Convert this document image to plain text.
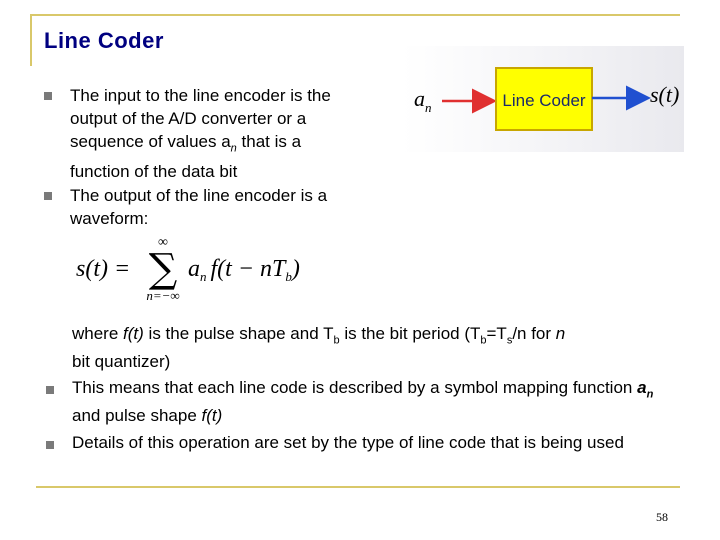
Line Coder
The input to the line encoder is the output of the A/D converter or a sequence of values $a_n$ that is a function of the data bit
The output of the line encoder is a waveform:
$a_n$	Line Coder	s(t)
s(t) =
∞
∑
n=−∞
$a_n$ $f(t - nT_b)$
where f(t) is the pulse shape and $T_b$ is the bit period ($T_b=T_s/n$ for n
bit quantizer)
This means that each line code is described by a symbol mapping function $a_n$ and pulse shape f(t)
Details of this operation are set by the type of line code that is being used
58
